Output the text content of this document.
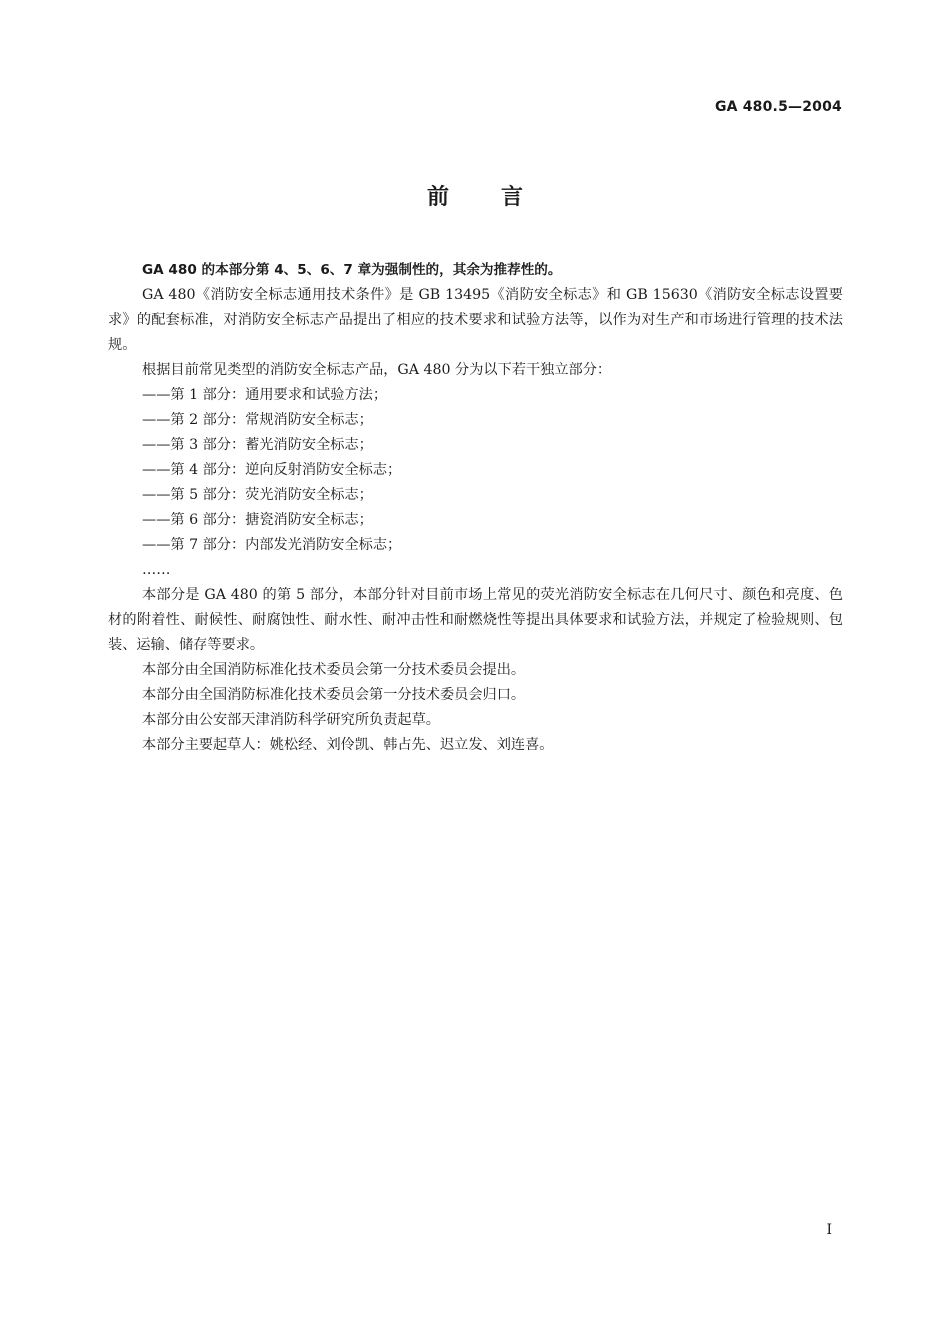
GA 480.5—2004

前言

GA 480 的本部分第 4、5、6、7 章为强制性的，其余为推荐性的。

GA 480《消防安全标志通用技术条件》是 GB 13495《消防安全标志》和 GB 15630《消防安全标志设置要求》的配套标准，对消防安全标志产品提出了相应的技术要求和试验方法等，以作为对生产和市场进行管理的技术法规。

根据目前常见类型的消防安全标志产品，GA 480 分为以下若干独立部分：

——第 1 部分：通用要求和试验方法；

——第 2 部分：常规消防安全标志；

——第 3 部分：蓄光消防安全标志；

——第 4 部分：逆向反射消防安全标志；

——第 5 部分：荧光消防安全标志；

——第 6 部分：搪瓷消防安全标志；

——第 7 部分：内部发光消防安全标志；

……

本部分是 GA 480 的第 5 部分，本部分针对目前市场上常见的荧光消防安全标志在几何尺寸、颜色和亮度、色材的附着性、耐候性、耐腐蚀性、耐水性、耐冲击性和耐燃烧性等提出具体要求和试验方法，并规定了检验规则、包装、运输、储存等要求。

本部分由全国消防标准化技术委员会第一分技术委员会提出。

本部分由全国消防标准化技术委员会第一分技术委员会归口。

本部分由公安部天津消防科学研究所负责起草。

本部分主要起草人：姚松经、刘伶凯、韩占先、迟立发、刘连喜。

I
